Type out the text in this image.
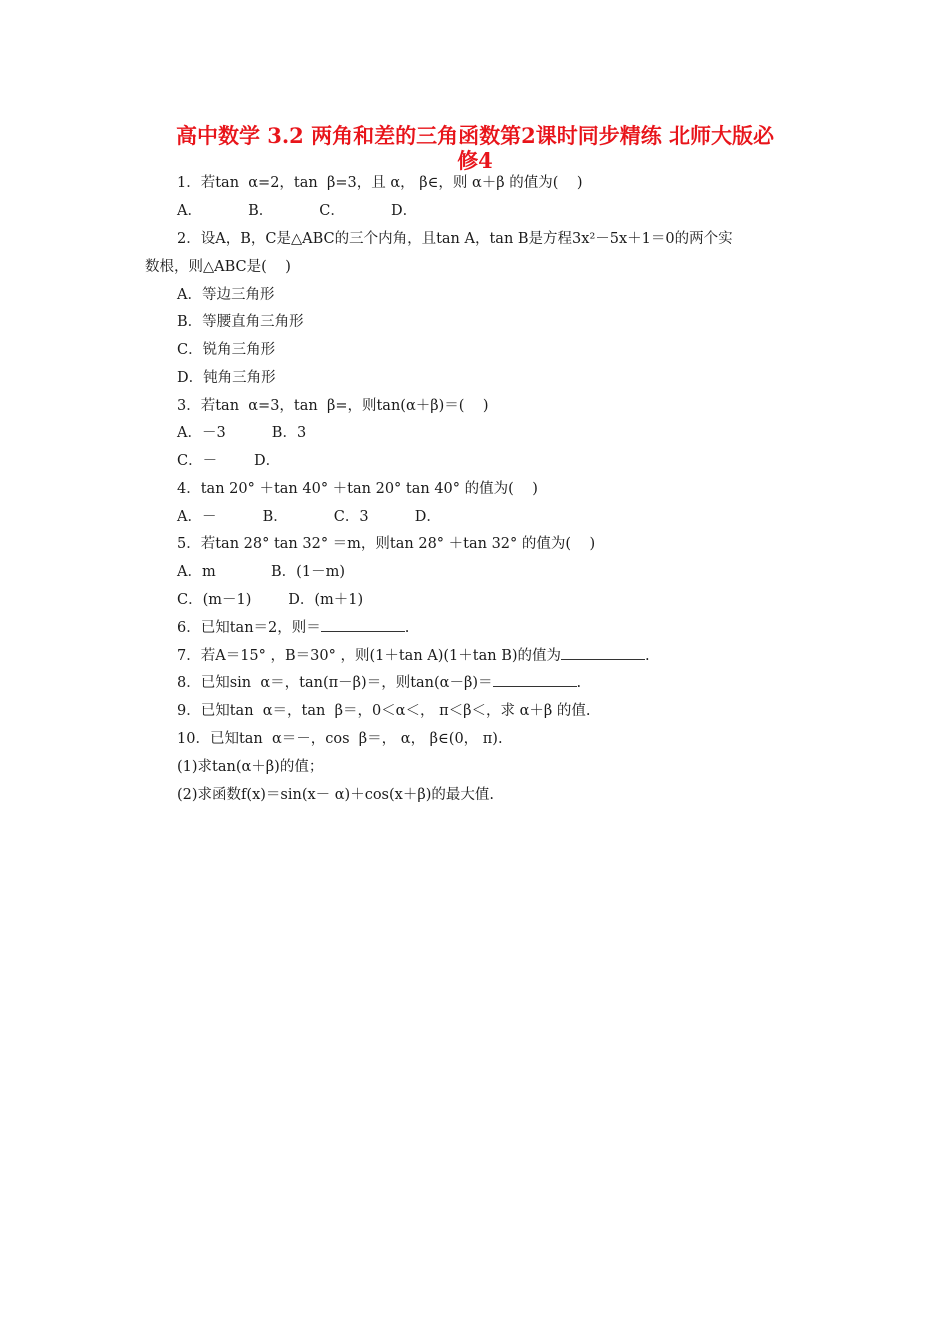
高中数学 3.2 两角和差的三角函数第2课时同步精练 北师大版必
修4
1．若tan  α=2，tan  β=3，且 α， β∈，则 α＋β 的值为(    )
A．          B．          C．          D．
2．设A，B，C是△ABC的三个内角，且tan A，tan B是方程3x²－5x＋1＝0的两个实
数根，则△ABC是(    )
A．等边三角形
B．等腰直角三角形
C．锐角三角形
D．钝角三角形
3．若tan  α=3，tan  β=，则tan(α＋β)＝(    )
A．－3          B．3
C．－        D．
4．tan 20° ＋tan 40° ＋tan 20° tan 40° 的值为(    )
A．－          B．          C．3          D．
5．若tan 28° tan 32° ＝m，则tan 28° ＋tan 32° 的值为(    )
A．m            B．(1－m)
C．(m－1)        D．(m＋1)
6．已知tan＝2，则＝	.
7．若A＝15° ，B＝30° ，则(1＋tan A)(1＋tan B)的值为	.
8．已知sin  α＝，tan(π－β)＝，则tan(α－β)＝	.
9．已知tan  α＝，tan  β＝，0＜α＜， π＜β＜，求 α＋β 的值.
10．已知tan  α＝－，cos  β＝， α， β∈(0， π).
(1)求tan(α＋β)的值；
(2)求函数f(x)＝sin(x－ α)＋cos(x＋β)的最大值.
